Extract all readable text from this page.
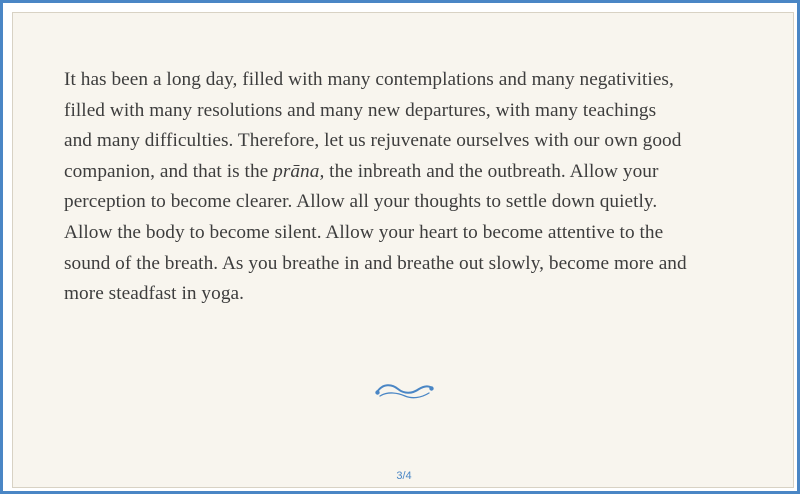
It has been a long day, filled with many contemplations and many negativities,
filled with many resolutions and many new departures, with many teachings
and many difficulties. Therefore, let us rejuvenate ourselves with our own good
companion, and that is the prāna, the inbreath and the outbreath. Allow your
perception to become clearer. Allow all your thoughts to settle down quietly.
Allow the body to become silent. Allow your heart to become attentive to the
sound of the breath. As you breathe in and breathe out slowly, become more and
more steadfast in yoga.

3/4
